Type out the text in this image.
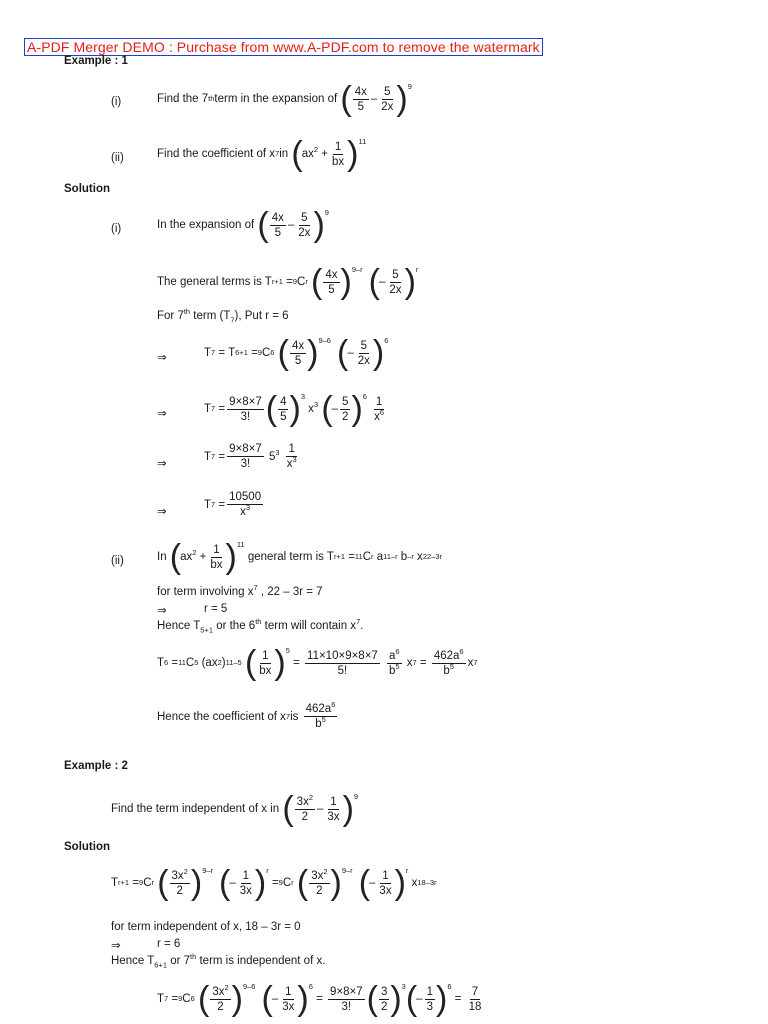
A-PDF Merger DEMO : Purchase from www.A-PDF.com to remove the watermark
Example : 1
(i)	Find the 7 th term in the expansion of
( $\frac{4x}{5} - \frac{5}{2x} )^9$
(ii)	Find the coefficient of x 7 in
( $ax^2 + \frac{1}{bx} )^{11}$
Solution
(i)	In the expansion of
( $\frac{4x}{5} - \frac{5}{2x} )^9$
The general terms is T r+1 = 9 C r
( $\frac{4x}{5} )^{9-r}$ ( – $\frac{5}{2x} )^r$
For 7th term $(T_7)$, Put r = 6
⇒	T 7 = T 6+1 = 9 C 6
( $\frac{4x}{5} )^{9-6}$ ( – $\frac{5}{2x} )^6$
⇒	T $7 = \frac{9\times 8\times 7}{3!}$ ( $\frac{4}{5} )^3$
$x^3$
( – $\frac{5}{2} )^6$
$\frac{1}{x^6}$
⇒
T $7 = \frac{9\times 8\times 7}{3!} 5^3$
$\frac{1}{x^3}$
⇒
T $7 = \frac{10500}{x^3}$
(ii)	In
( $ax^2 + \frac{1}{bx} )^{11}$

general term is T r+1 = 11 C r a 11–r b –r x 22–3r
for term involving $x^7$ , 22 – 3r = 7
⇒	r = 5
Hence $T_{5+1}$ or the 6th term will contain $x^7$.
T 6 = 11 C 5 (ax 2 ) 11–5
( $\frac{1}{bx} )^5$
= $\frac{11\times 10\times 9\times 8\times 7}{5!}$
$\frac{a^6}{b^5}$ x $7 = \frac{462a^6}{b^5}$ x 7
Hence the coefficient of x 7 is
$\frac{462a^6}{b^5}$
Example : 2
Find the term independent of x in
( $\frac{3x^2}{2} - \frac{1}{3x} )^9$
Solution
T r+1 = 9 C r
( $\frac{3x^2}{2} )^{9-r}$ ( – $\frac{1}{3x} )^r$
= 9 C r
( $\frac{3x^2}{2} )^{9-r}$ ( – $\frac{1}{3x} )^r$
x 18–3r
for term independent of x, 18 – 3r = 0
⇒	r = 6
Hence $T_{6+1}$ or 7th term is independent of x.
T 7 = 9 C 6
( $\frac{3x^2}{2} )^{9-6}$ ( – $\frac{1}{3x} )^6$
= $\frac{9\times 8\times 7}{3!}$ ( $\frac{3}{2} )^3$ ( – $\frac{1}{3} )^6$
= $\frac{7}{18}$
